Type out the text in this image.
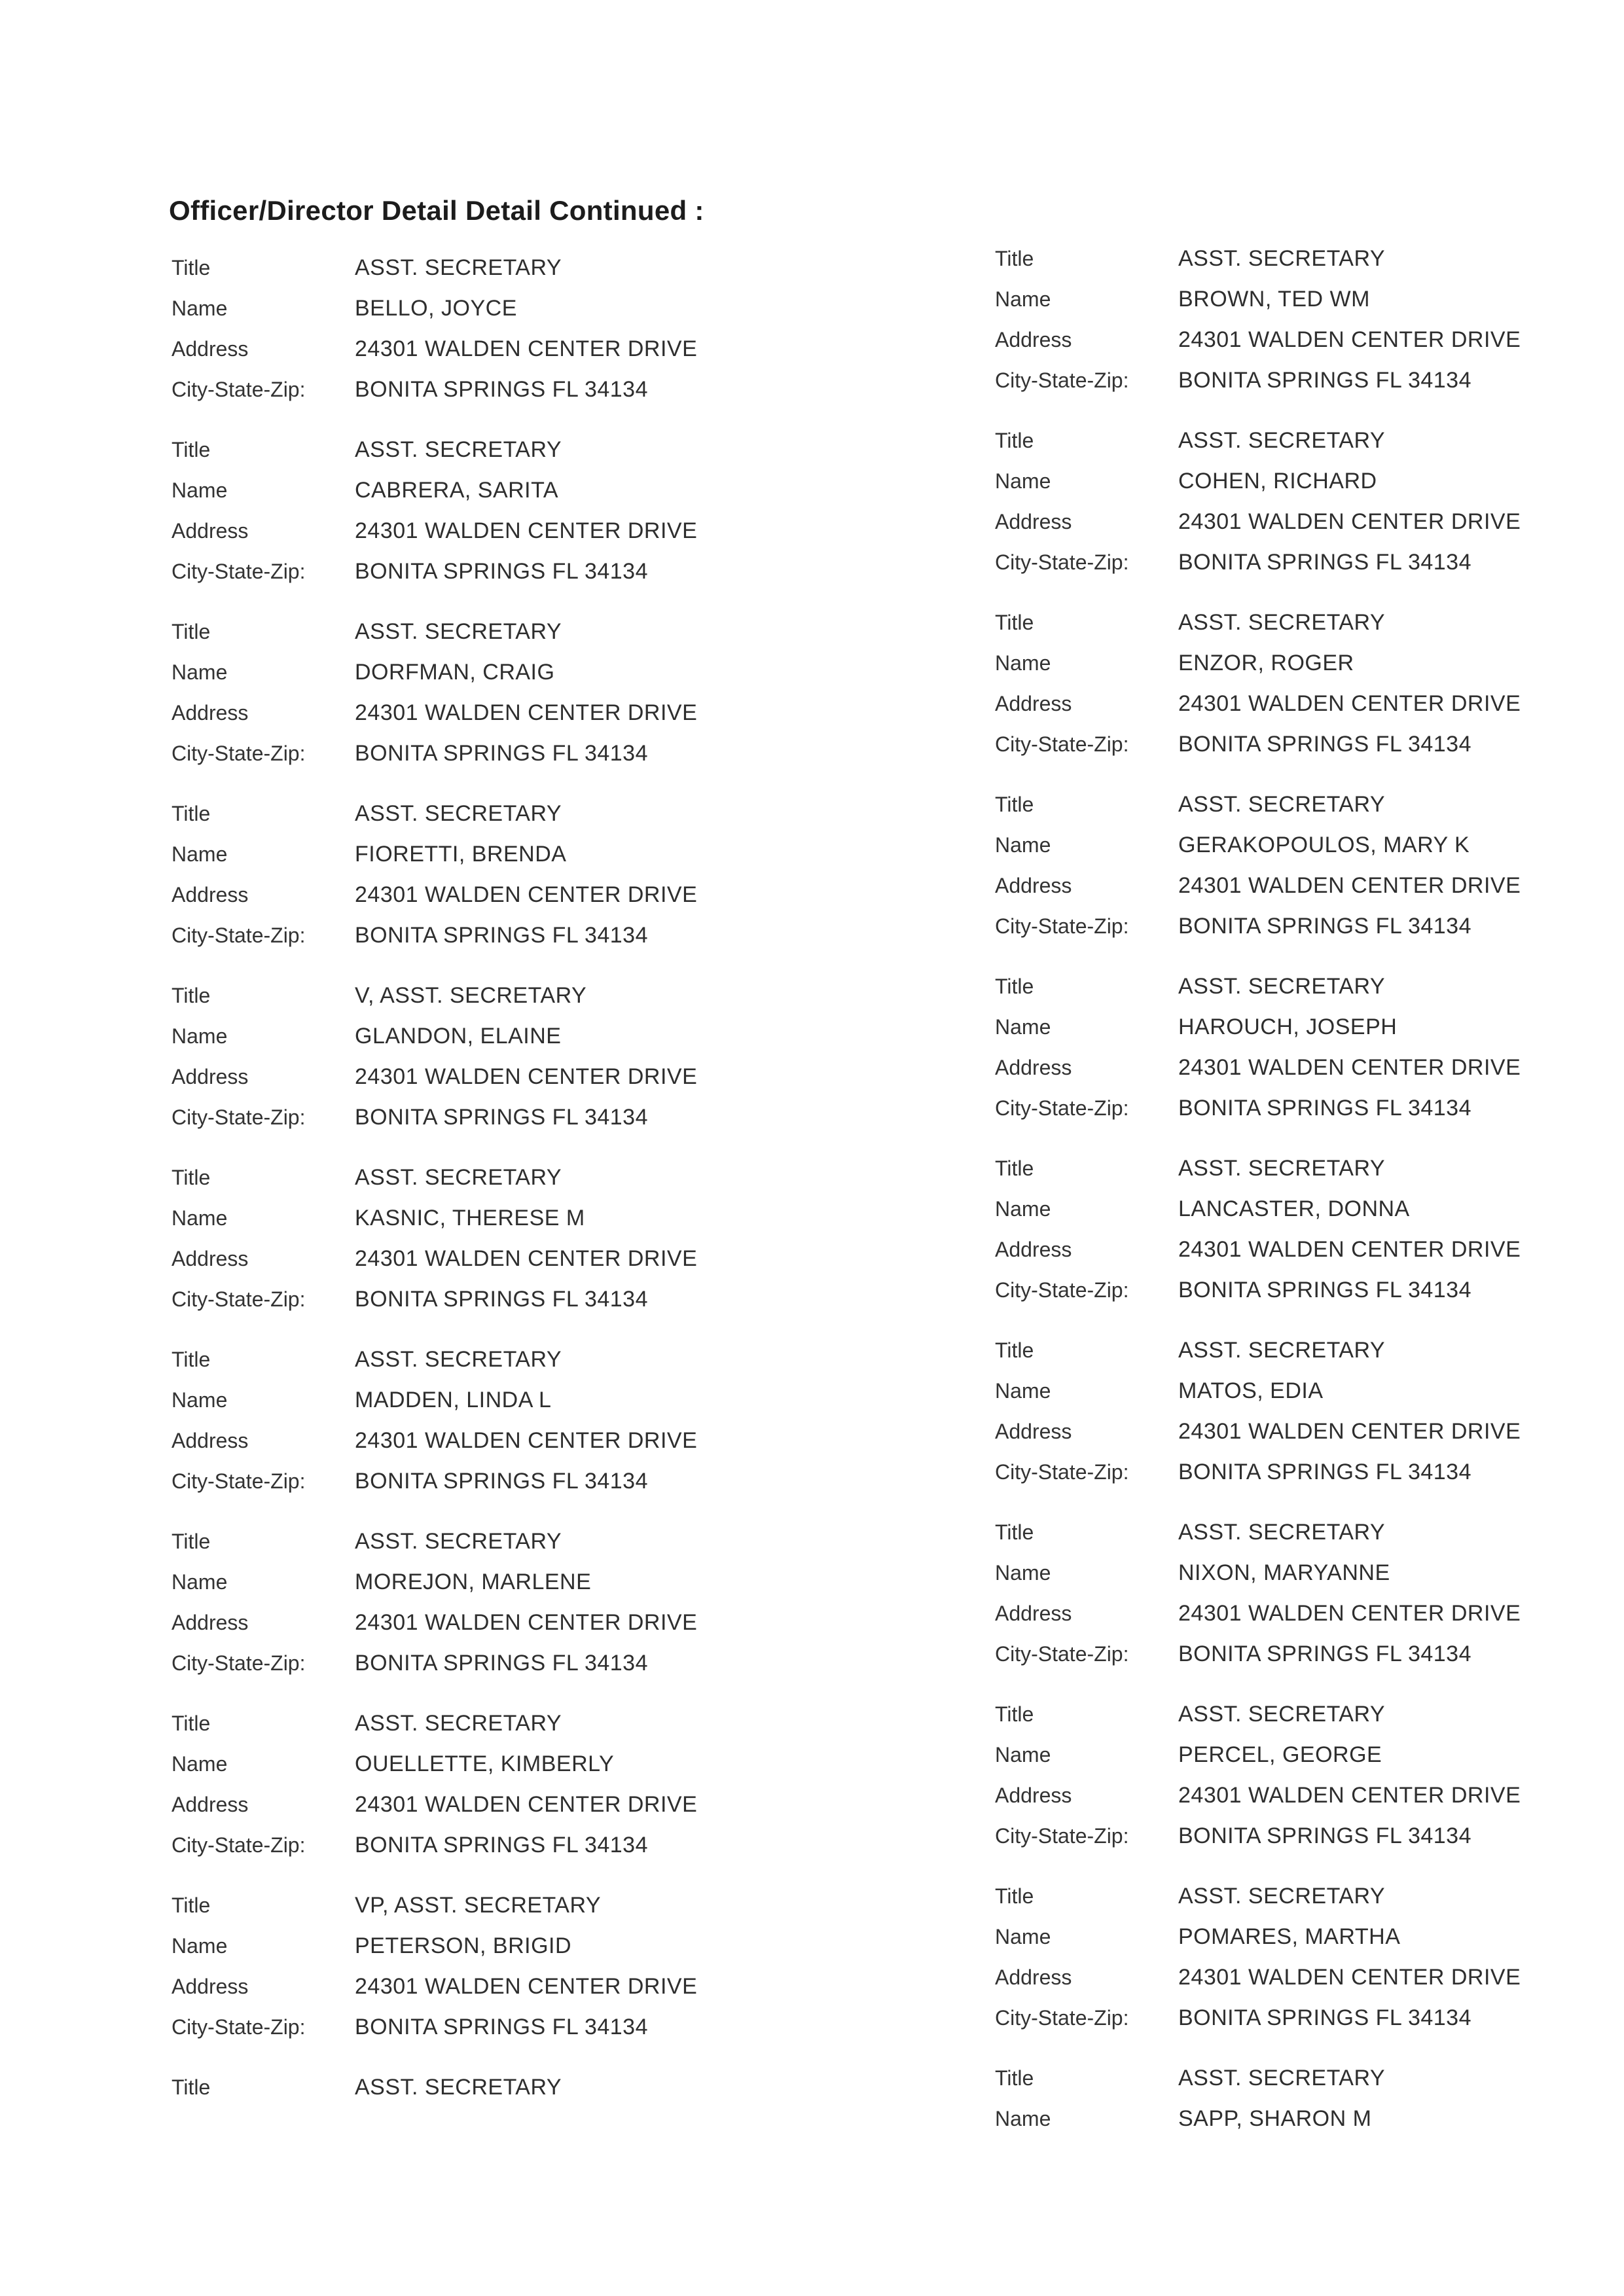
Officer/Director Detail Detail Continued :
Title	ASST. SECRETARY
Name	BELLO, JOYCE
Address	24301 WALDEN CENTER DRIVE
City-State-Zip:	BONITA SPRINGS FL 34134
Title	ASST. SECRETARY
Name	CABRERA, SARITA
Address	24301 WALDEN CENTER DRIVE
City-State-Zip:	BONITA SPRINGS FL 34134
Title	ASST. SECRETARY
Name	DORFMAN, CRAIG
Address	24301 WALDEN CENTER DRIVE
City-State-Zip:	BONITA SPRINGS FL 34134
Title	ASST. SECRETARY
Name	FIORETTI, BRENDA
Address	24301 WALDEN CENTER DRIVE
City-State-Zip:	BONITA SPRINGS FL 34134
Title	V, ASST. SECRETARY
Name	GLANDON, ELAINE
Address	24301 WALDEN CENTER DRIVE
City-State-Zip:	BONITA SPRINGS FL 34134
Title	ASST. SECRETARY
Name	KASNIC, THERESE M
Address	24301 WALDEN CENTER DRIVE
City-State-Zip:	BONITA SPRINGS FL 34134
Title	ASST. SECRETARY
Name	MADDEN, LINDA L
Address	24301 WALDEN CENTER DRIVE
City-State-Zip:	BONITA SPRINGS FL 34134
Title	ASST. SECRETARY
Name	MOREJON, MARLENE
Address	24301 WALDEN CENTER DRIVE
City-State-Zip:	BONITA SPRINGS FL 34134
Title	ASST. SECRETARY
Name	OUELLETTE, KIMBERLY
Address	24301 WALDEN CENTER DRIVE
City-State-Zip:	BONITA SPRINGS FL 34134
Title	VP, ASST. SECRETARY
Name	PETERSON, BRIGID
Address	24301 WALDEN CENTER DRIVE
City-State-Zip:	BONITA SPRINGS FL 34134
Title	ASST. SECRETARY
Title	ASST. SECRETARY
Name	BROWN, TED WM
Address	24301 WALDEN CENTER DRIVE
City-State-Zip:	BONITA SPRINGS FL 34134
Title	ASST. SECRETARY
Name	COHEN, RICHARD
Address	24301 WALDEN CENTER DRIVE
City-State-Zip:	BONITA SPRINGS FL 34134
Title	ASST. SECRETARY
Name	ENZOR, ROGER
Address	24301 WALDEN CENTER DRIVE
City-State-Zip:	BONITA SPRINGS FL 34134
Title	ASST. SECRETARY
Name	GERAKOPOULOS, MARY K
Address	24301 WALDEN CENTER DRIVE
City-State-Zip:	BONITA SPRINGS FL 34134
Title	ASST. SECRETARY
Name	HAROUCH, JOSEPH
Address	24301 WALDEN CENTER DRIVE
City-State-Zip:	BONITA SPRINGS FL 34134
Title	ASST. SECRETARY
Name	LANCASTER, DONNA
Address	24301 WALDEN CENTER DRIVE
City-State-Zip:	BONITA SPRINGS FL 34134
Title	ASST. SECRETARY
Name	MATOS, EDIA
Address	24301 WALDEN CENTER DRIVE
City-State-Zip:	BONITA SPRINGS FL 34134
Title	ASST. SECRETARY
Name	NIXON, MARYANNE
Address	24301 WALDEN CENTER DRIVE
City-State-Zip:	BONITA SPRINGS FL 34134
Title	ASST. SECRETARY
Name	PERCEL, GEORGE
Address	24301 WALDEN CENTER DRIVE
City-State-Zip:	BONITA SPRINGS FL 34134
Title	ASST. SECRETARY
Name	POMARES, MARTHA
Address	24301 WALDEN CENTER DRIVE
City-State-Zip:	BONITA SPRINGS FL 34134
Title	ASST. SECRETARY
Name	SAPP, SHARON M
